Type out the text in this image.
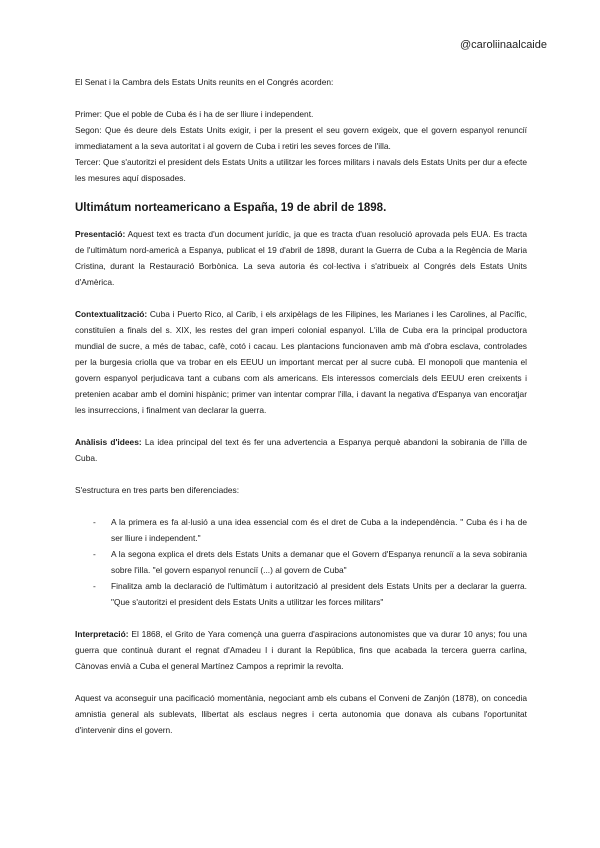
@caroliinaalcaide

El Senat i la Cambra dels Estats Units reunits en el Congrés acorden:

Primer: Que el poble de Cuba és i ha de ser lliure i independent.

Segon: Que és deure dels Estats Units exigir, i per la present el seu govern exigeix, que el govern espanyol renunciï immediatament a la seva autoritat i al govern de Cuba i retiri les seves forces de l'illa.

Tercer: Que s'autoritzi el president dels Estats Units a utilitzar les forces militars i navals dels Estats Units per dur a efecte les mesures aquí disposades.

Ultimátum norteamericano a España, 19 de abril de 1898.

Presentació: Aquest text es tracta d'un document jurídic, ja que es tracta d'uan resolució aprovada pels EUA. Es tracta de l'ultimàtum nord-americà a Espanya, publicat el 19 d'abril de 1898, durant la Guerra de Cuba a la Regència de Maria Cristina, durant la Restauració Borbònica. La seva autoria és col·lectiva i s'atribueix al Congrés dels Estats Units d'Amèrica.

Contextualització: Cuba i Puerto Rico, al Carib, i els arxipèlags de les Filipines, les Marianes i les Carolines, al Pacífic, constituïen a finals del s. XIX, les restes del gran imperi colonial espanyol. L'illa de Cuba era la principal productora mundial de sucre, a més de tabac, cafè, cotó i cacau. Les plantacions funcionaven amb mà d'obra esclava, controlades per la burgesia criolla que va trobar en els EEUU un important mercat per al sucre cubà. El monopoli que mantenia el govern espanyol perjudicava tant a cubans com als americans. Els interessos comercials dels EEUU eren creixents i pretenien acabar amb el domini hispànic; primer van intentar comprar l'illa, i davant la negativa d'Espanya van encoratjar les insurreccions, i finalment van declarar la guerra.

Anàlisis d'idees: La idea principal del text és fer una advertencia a Espanya perquè abandoni la sobirania de l'illa de Cuba.

S'estructura en tres parts ben diferenciades:

- A la primera es fa al·lusió a una idea essencial com és el dret de Cuba a la independència. " Cuba és i ha de ser lliure i independent."
- A la segona explica el drets dels Estats Units a demanar que el Govern d'Espanya renunciï a la seva sobirania sobre l'illa. "el govern espanyol renunciï (...) al govern de Cuba"
- Finalitza amb la declaració de l'ultimàtum i autorització al president dels Estats Units per a declarar la guerra. "Que s'autoritzi el president dels Estats Units a utilitzar les forces militars"

Interpretació: El 1868, el Grito de Yara començà una guerra d'aspiracions autonomistes que va durar 10 anys; fou una guerra que continuà durant el regnat d'Amadeu I i durant la República, fins que acabada la tercera guerra carlina, Cànovas envià a Cuba el general Martínez Campos a reprimir la revolta.

Aquest va aconseguir una pacificació momentània, negociant amb els cubans el Conveni de Zanjón (1878), on concedia amnistia general als sublevats, llibertat als esclaus negres i certa autonomia que donava als cubans l'oportunitat d'intervenir dins el govern.
